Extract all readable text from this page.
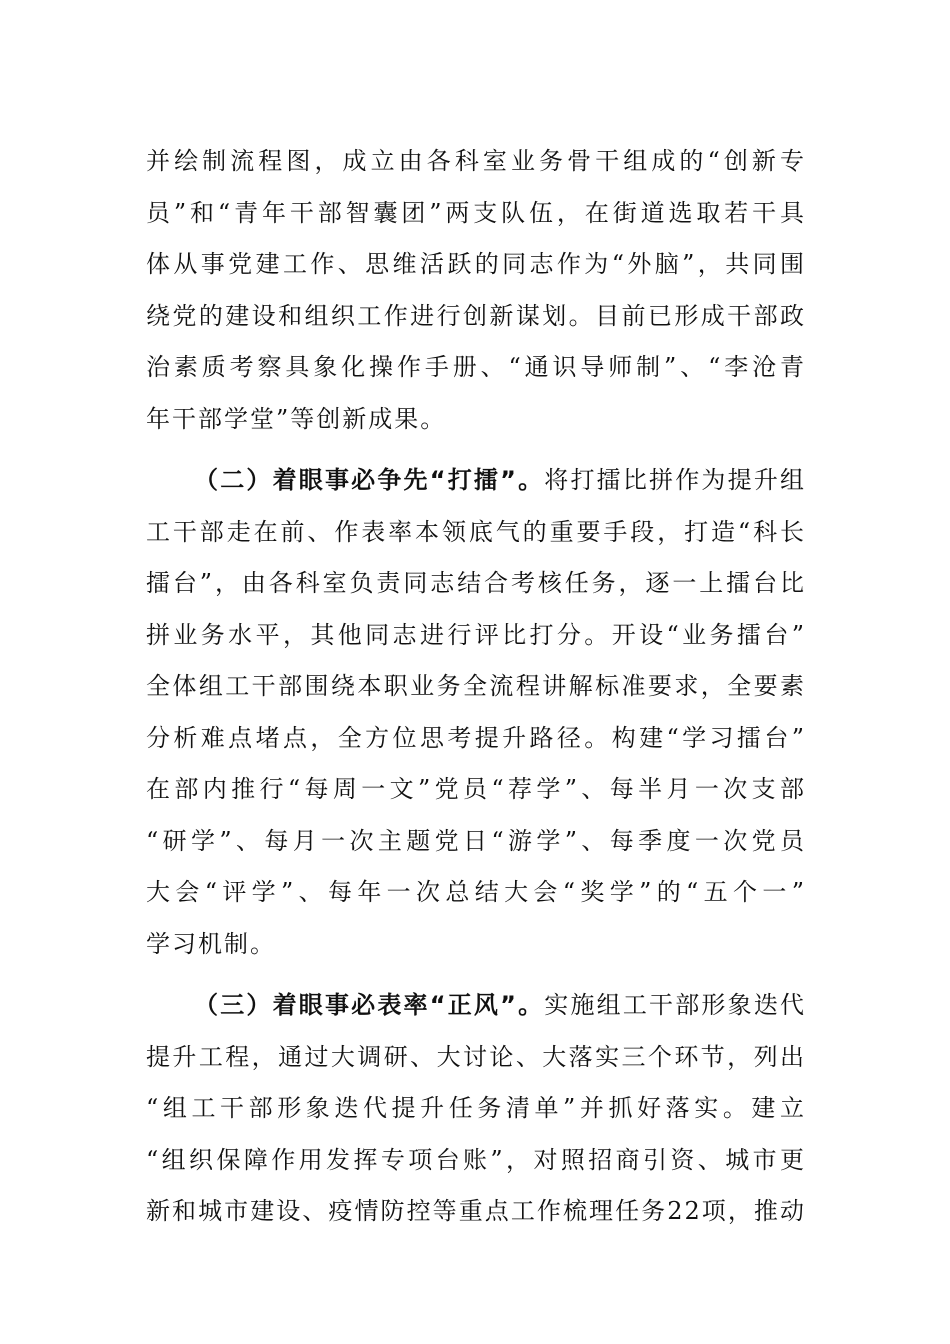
并绘制流程图，成立由各科室业务骨干组成的“创新专
员”和“青年干部智囊团”两支队伍，在街道选取若干具
体从事党建工作、思维活跃的同志作为“外脑”，共同围
绕党的建设和组织工作进行创新谋划。目前已形成干部政
治素质考察具象化操作手册、“通识导师制”、“李沧青
年干部学堂”等创新成果。
（二）着眼事必争先“打擂”。将打擂比拼作为提升组
工干部走在前、作表率本领底气的重要手段，打造“科长
擂台”，由各科室负责同志结合考核任务，逐一上擂台比
拼业务水平，其他同志进行评比打分。开设“业务擂台”
全体组工干部围绕本职业务全流程讲解标准要求，全要素
分析难点堵点，全方位思考提升路径。构建“学习擂台”
在部内推行“每周一文”党员“荐学”、每半月一次支部
“研学”、每月一次主题党日“游学”、每季度一次党员
大会“评学”、每年一次总结大会“奖学”的“五个一”
学习机制。
（三）着眼事必表率“正风”。实施组工干部形象迭代
提升工程，通过大调研、大讨论、大落实三个环节，列出
“组工干部形象迭代提升任务清单”并抓好落实。建立
“组织保障作用发挥专项台账”，对照招商引资、城市更
新和城市建设、疫情防控等重点工作梳理任务22项，推动
